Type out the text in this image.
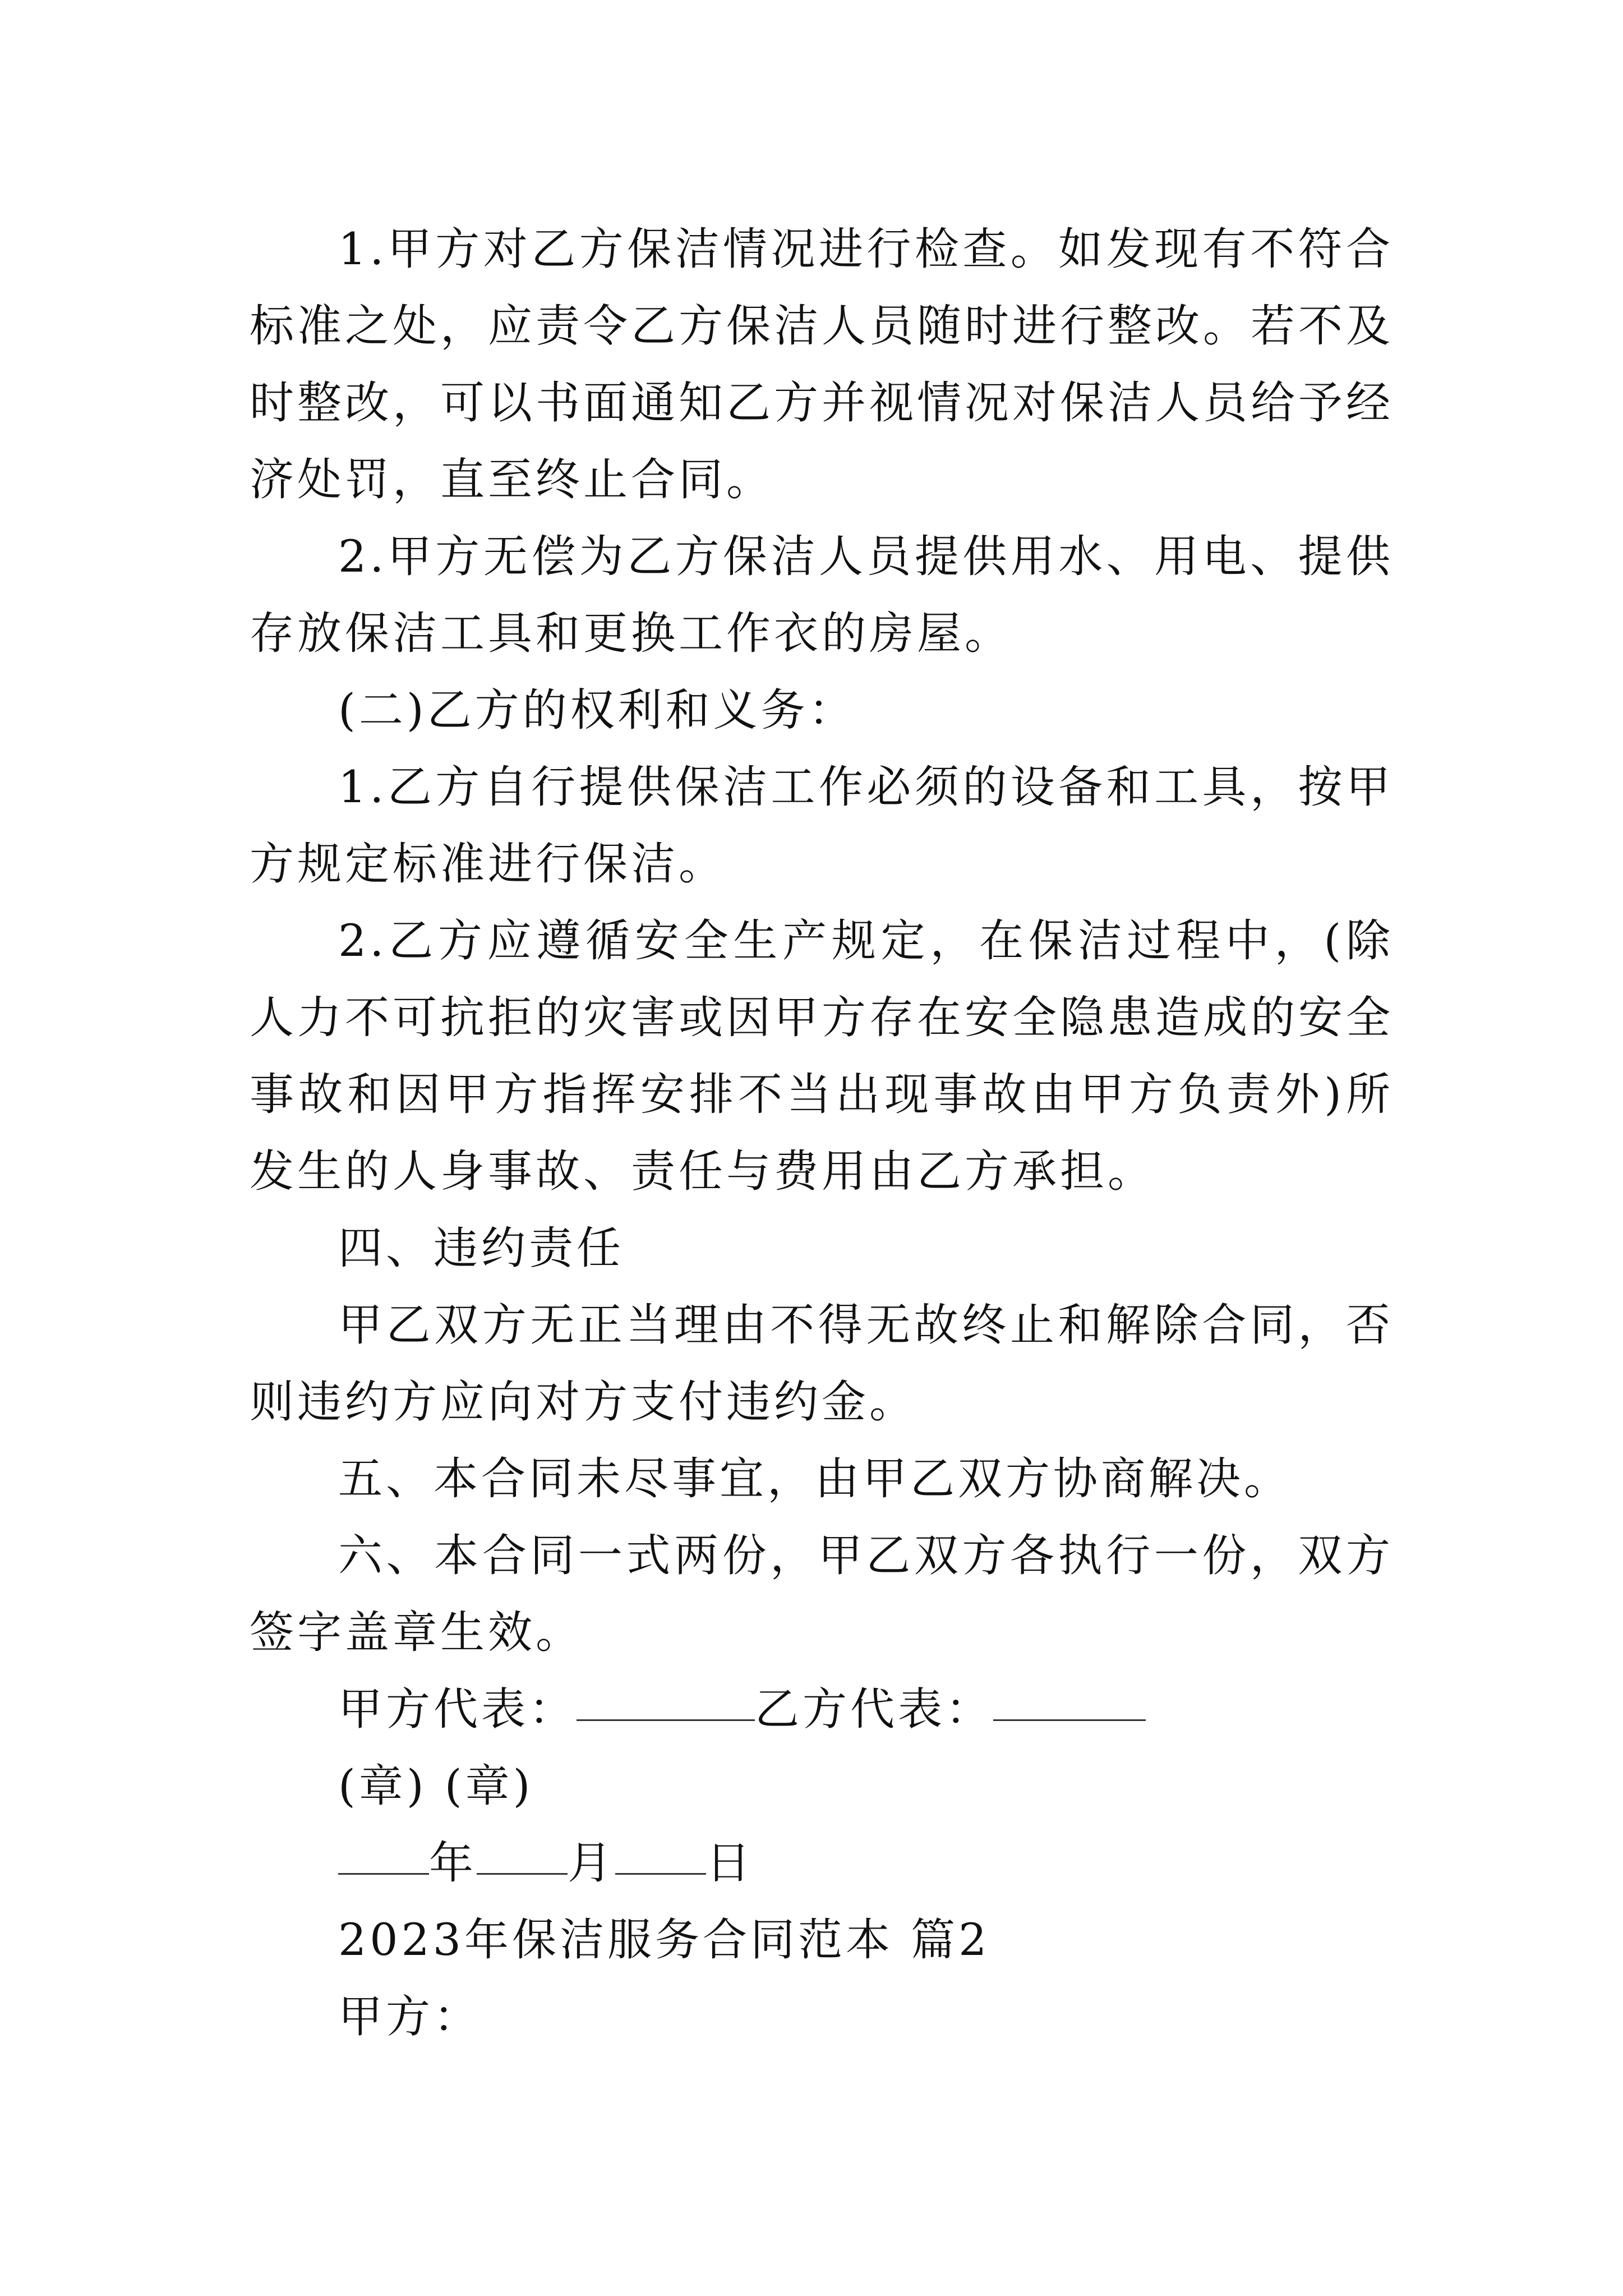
1.甲方对乙方保洁情况进行检查。如发现有不符合标准之处，应责令乙方保洁人员随时进行整改。若不及时整改，可以书面通知乙方并视情况对保洁人员给予经济处罚，直至终止合同。

2.甲方无偿为乙方保洁人员提供用水、用电、提供存放保洁工具和更换工作衣的房屋。

(二)乙方的权利和义务：

1.乙方自行提供保洁工作必须的设备和工具，按甲方规定标准进行保洁。

2.乙方应遵循安全生产规定，在保洁过程中，(除人力不可抗拒的灾害或因甲方存在安全隐患造成的安全事故和因甲方指挥安排不当出现事故由甲方负责外)所发生的人身事故、责任与费用由乙方承担。

四、违约责任

甲乙双方无正当理由不得无故终止和解除合同，否则违约方应向对方支付违约金。

五、本合同未尽事宜，由甲乙双方协商解决。

六、本合同一式两份，甲乙双方各执行一份，双方签字盖章生效。

甲方代表：	乙方代表：

(章) (章)

年 月 日

2023年保洁服务合同范本 篇2

甲方：
